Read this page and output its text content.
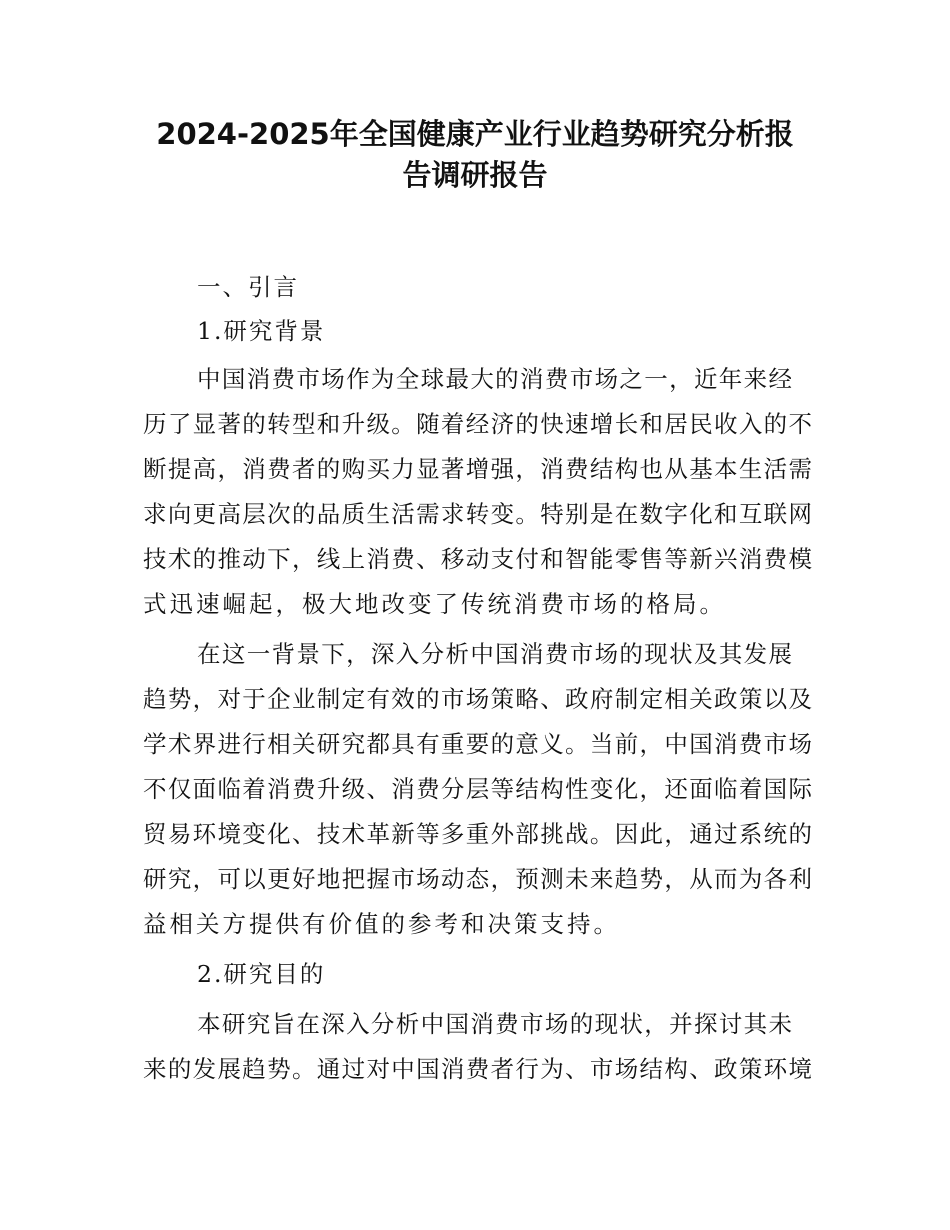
2024-2025年全国健康产业行业趋势研究分析报
告调研报告
一、引言
1.研究背景
中国消费市场作为全球最大的消费市场之一，近年来经
历了显著的转型和升级。随着经济的快速增长和居民收入的不
断提高，消费者的购买力显著增强，消费结构也从基本生活需
求向更高层次的品质生活需求转变。特别是在数字化和互联网
技术的推动下，线上消费、移动支付和智能零售等新兴消费模
式迅速崛起，极大地改变了传统消费市场的格局。
在这一背景下，深入分析中国消费市场的现状及其发展
趋势，对于企业制定有效的市场策略、政府制定相关政策以及
学术界进行相关研究都具有重要的意义。当前，中国消费市场
不仅面临着消费升级、消费分层等结构性变化，还面临着国际
贸易环境变化、技术革新等多重外部挑战。因此，通过系统的
研究，可以更好地把握市场动态，预测未来趋势，从而为各利
益相关方提供有价值的参考和决策支持。
2.研究目的
本研究旨在深入分析中国消费市场的现状，并探讨其未
来的发展趋势。通过对中国消费者行为、市场结构、政策环境
